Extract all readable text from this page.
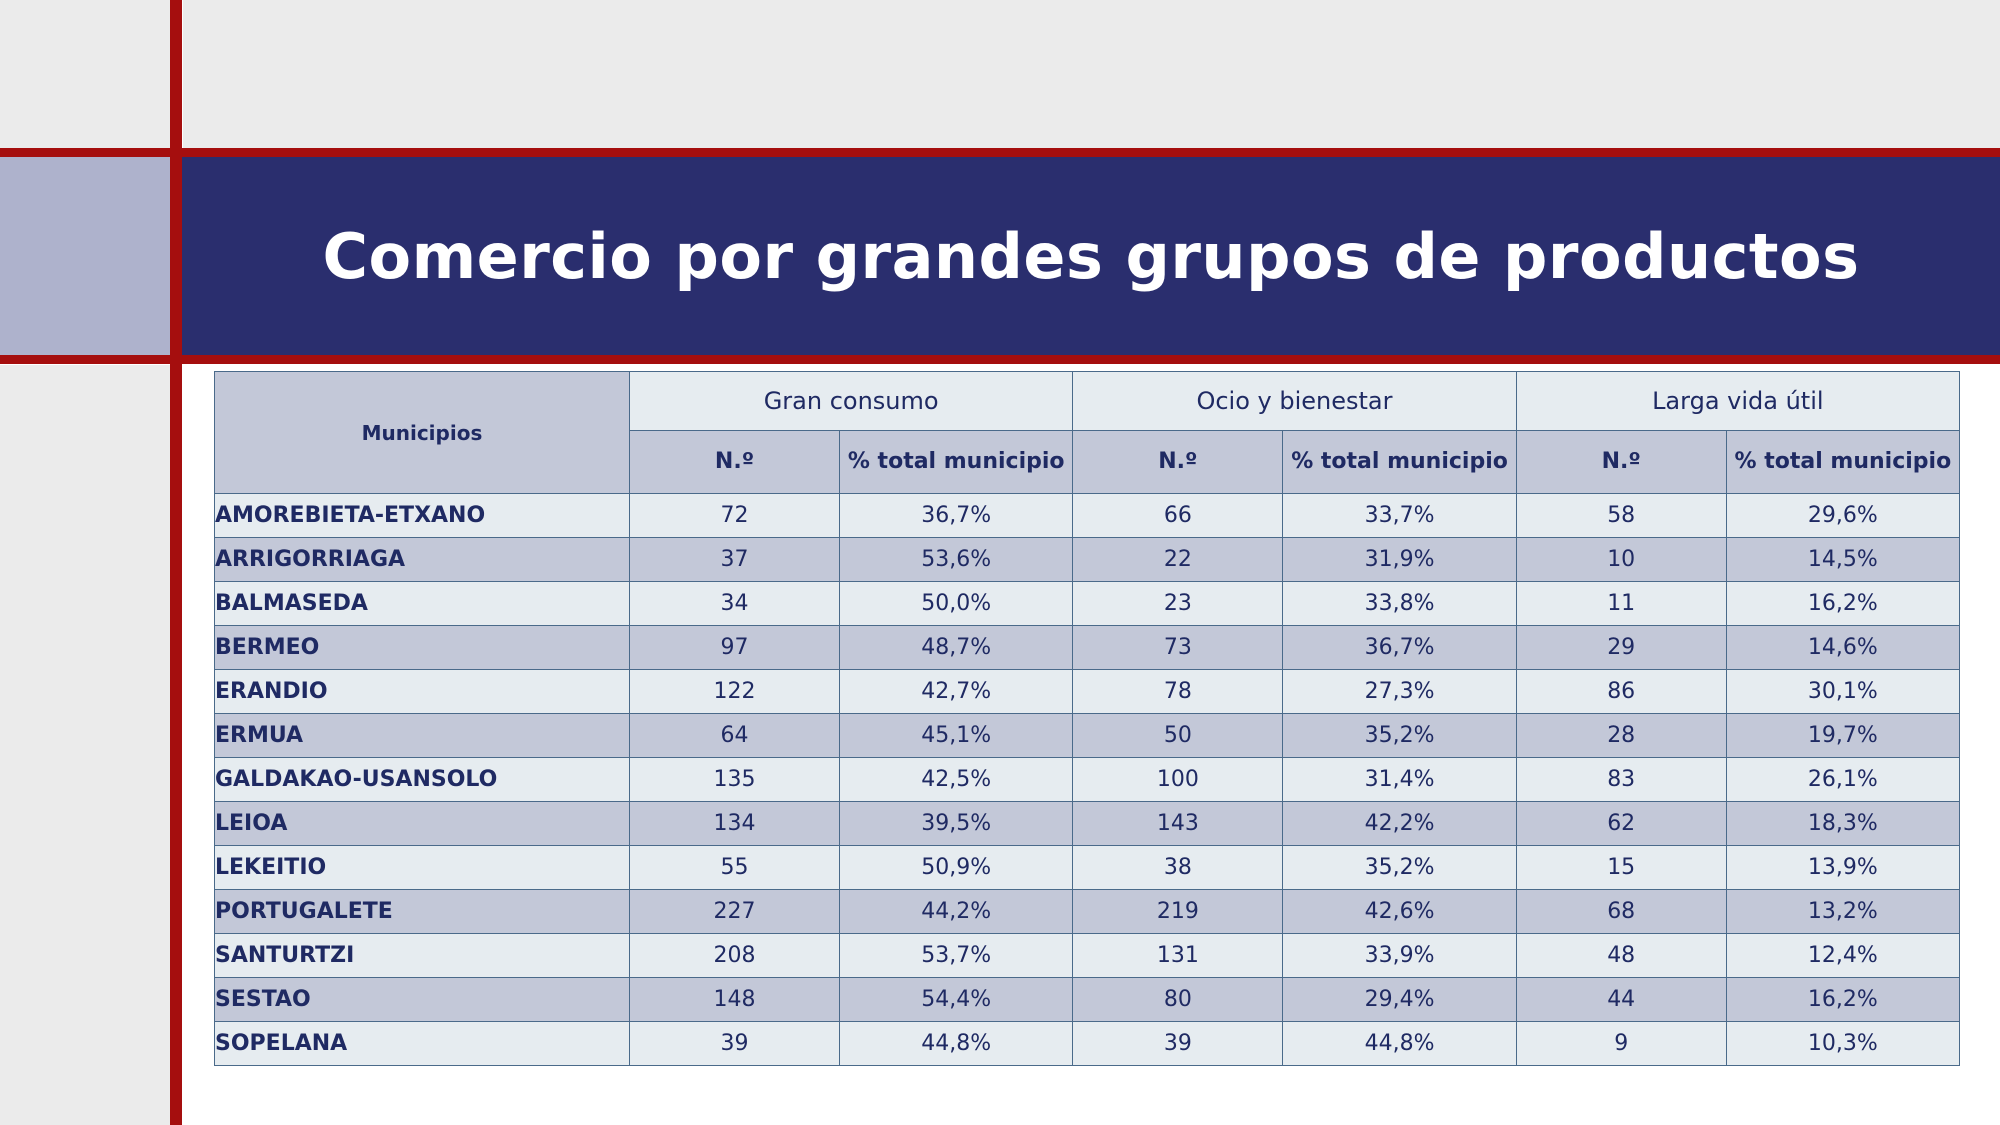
Comercio por grandes grupos de productos
Municipios	Gran consumo		Ocio y bienestar		Larga vida útil	
	N.º	% total municipio	N.º	% total municipio	N.º	% total municipio
AMOREBIETA-ETXANO	72	36,7%	66	33,7%	58	29,6%
ARRIGORRIAGA	37	53,6%	22	31,9%	10	14,5%
BALMASEDA	34	50,0%	23	33,8%	11	16,2%
BERMEO	97	48,7%	73	36,7%	29	14,6%
ERANDIO	122	42,7%	78	27,3%	86	30,1%
ERMUA	64	45,1%	50	35,2%	28	19,7%
GALDAKAO-USANSOLO	135	42,5%	100	31,4%	83	26,1%
LEIOA	134	39,5%	143	42,2%	62	18,3%
LEKEITIO	55	50,9%	38	35,2%	15	13,9%
PORTUGALETE	227	44,2%	219	42,6%	68	13,2%
SANTURTZI	208	53,7%	131	33,9%	48	12,4%
SESTAO	148	54,4%	80	29,4%	44	16,2%
SOPELANA	39	44,8%	39	44,8%	9	10,3%
